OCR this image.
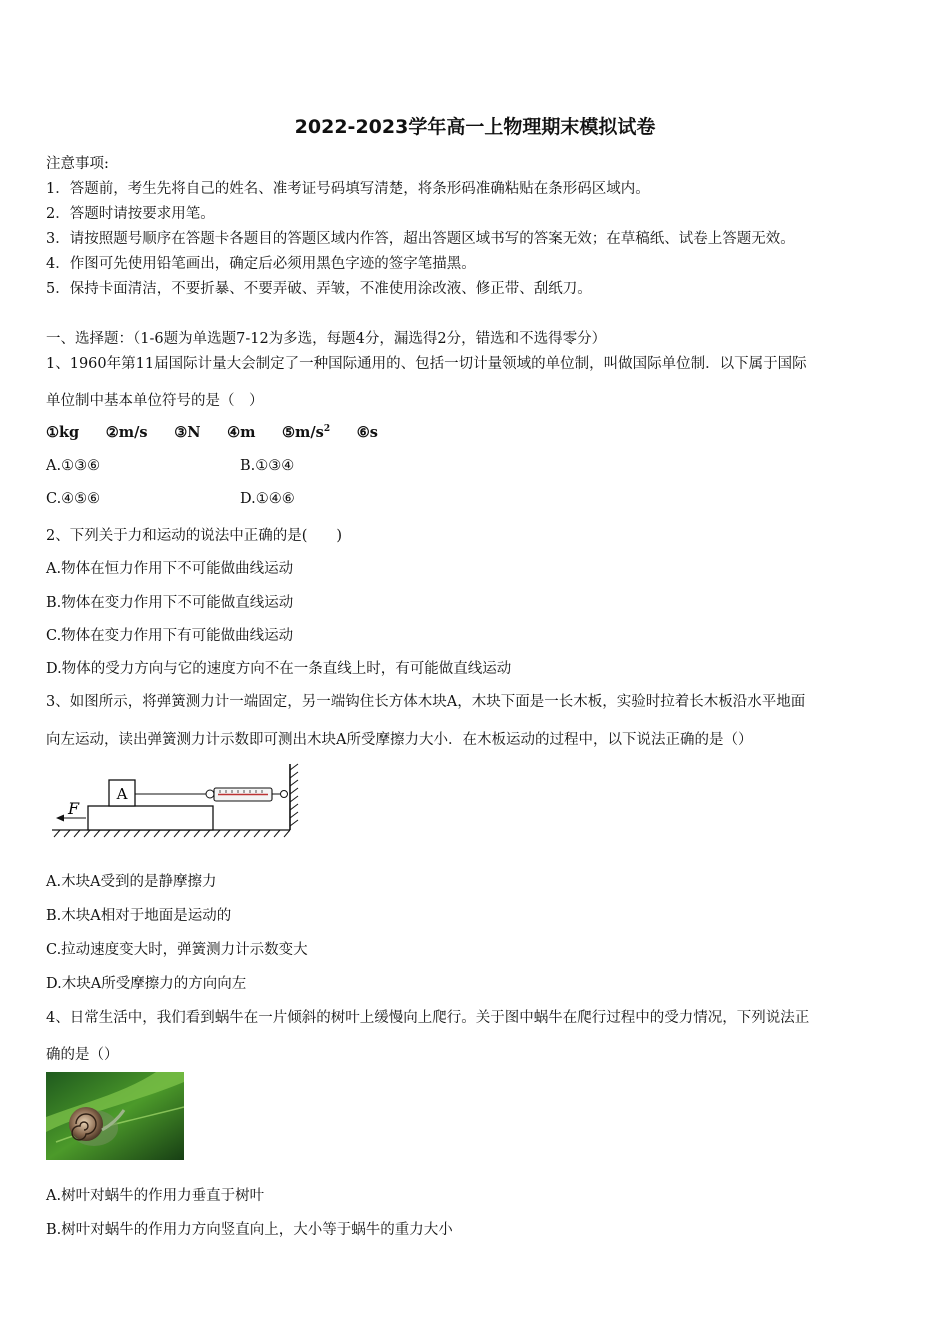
2022-2023学年高一上物理期末模拟试卷
注意事项:
1．答题前，考生先将自己的姓名、准考证号码填写清楚，将条形码准确粘贴在条形码区域内。
2．答题时请按要求用笔。
3．请按照题号顺序在答题卡各题目的答题区域内作答，超出答题区域书写的答案无效；在草稿纸、试卷上答题无效。
4．作图可先使用铅笔画出，确定后必须用黑色字迹的签字笔描黑。
5．保持卡面清洁，不要折暴、不要弄破、弄皱，不准使用涂改液、修正带、刮纸刀。
一、选择题：（1-6题为单选题7-12为多选，每题4分，漏选得2分，错选和不选得零分）
1、1960年第11届国际计量大会制定了一种国际通用的、包括一切计量领域的单位制，叫做国际单位制．以下属于国际
单位制中基本单位符号的是（　）
①kg ②m/s ③N ④m $⑤m/s^2$ ⑥s
A.①③⑥	B.①③④
C.④⑤⑥	D.①④⑥
2、下列关于力和运动的说法中正确的是(　　)
A.物体在恒力作用下不可能做曲线运动
B.物体在变力作用下不可能做直线运动
C.物体在变力作用下有可能做曲线运动
D.物体的受力方向与它的速度方向不在一条直线上时，有可能做直线运动
3、如图所示，将弹簧测力计一端固定，另一端钩住长方体木块A，木块下面是一长木板，实验时拉着长木板沿水平地面
向左运动，读出弹簧测力计示数即可测出木块A所受摩擦力大小．在木板运动的过程中，以下说法正确的是（）
A
F
A.木块A受到的是静摩擦力
B.木块A相对于地面是运动的
C.拉动速度变大时，弹簧测力计示数变大
D.木块A所受摩擦力的方向向左
4、日常生活中，我们看到蜗牛在一片倾斜的树叶上缓慢向上爬行。关于图中蜗牛在爬行过程中的受力情况，下列说法正
确的是（）
A.树叶对蜗牛的作用力垂直于树叶
B.树叶对蜗牛的作用力方向竖直向上，大小等于蜗牛的重力大小
